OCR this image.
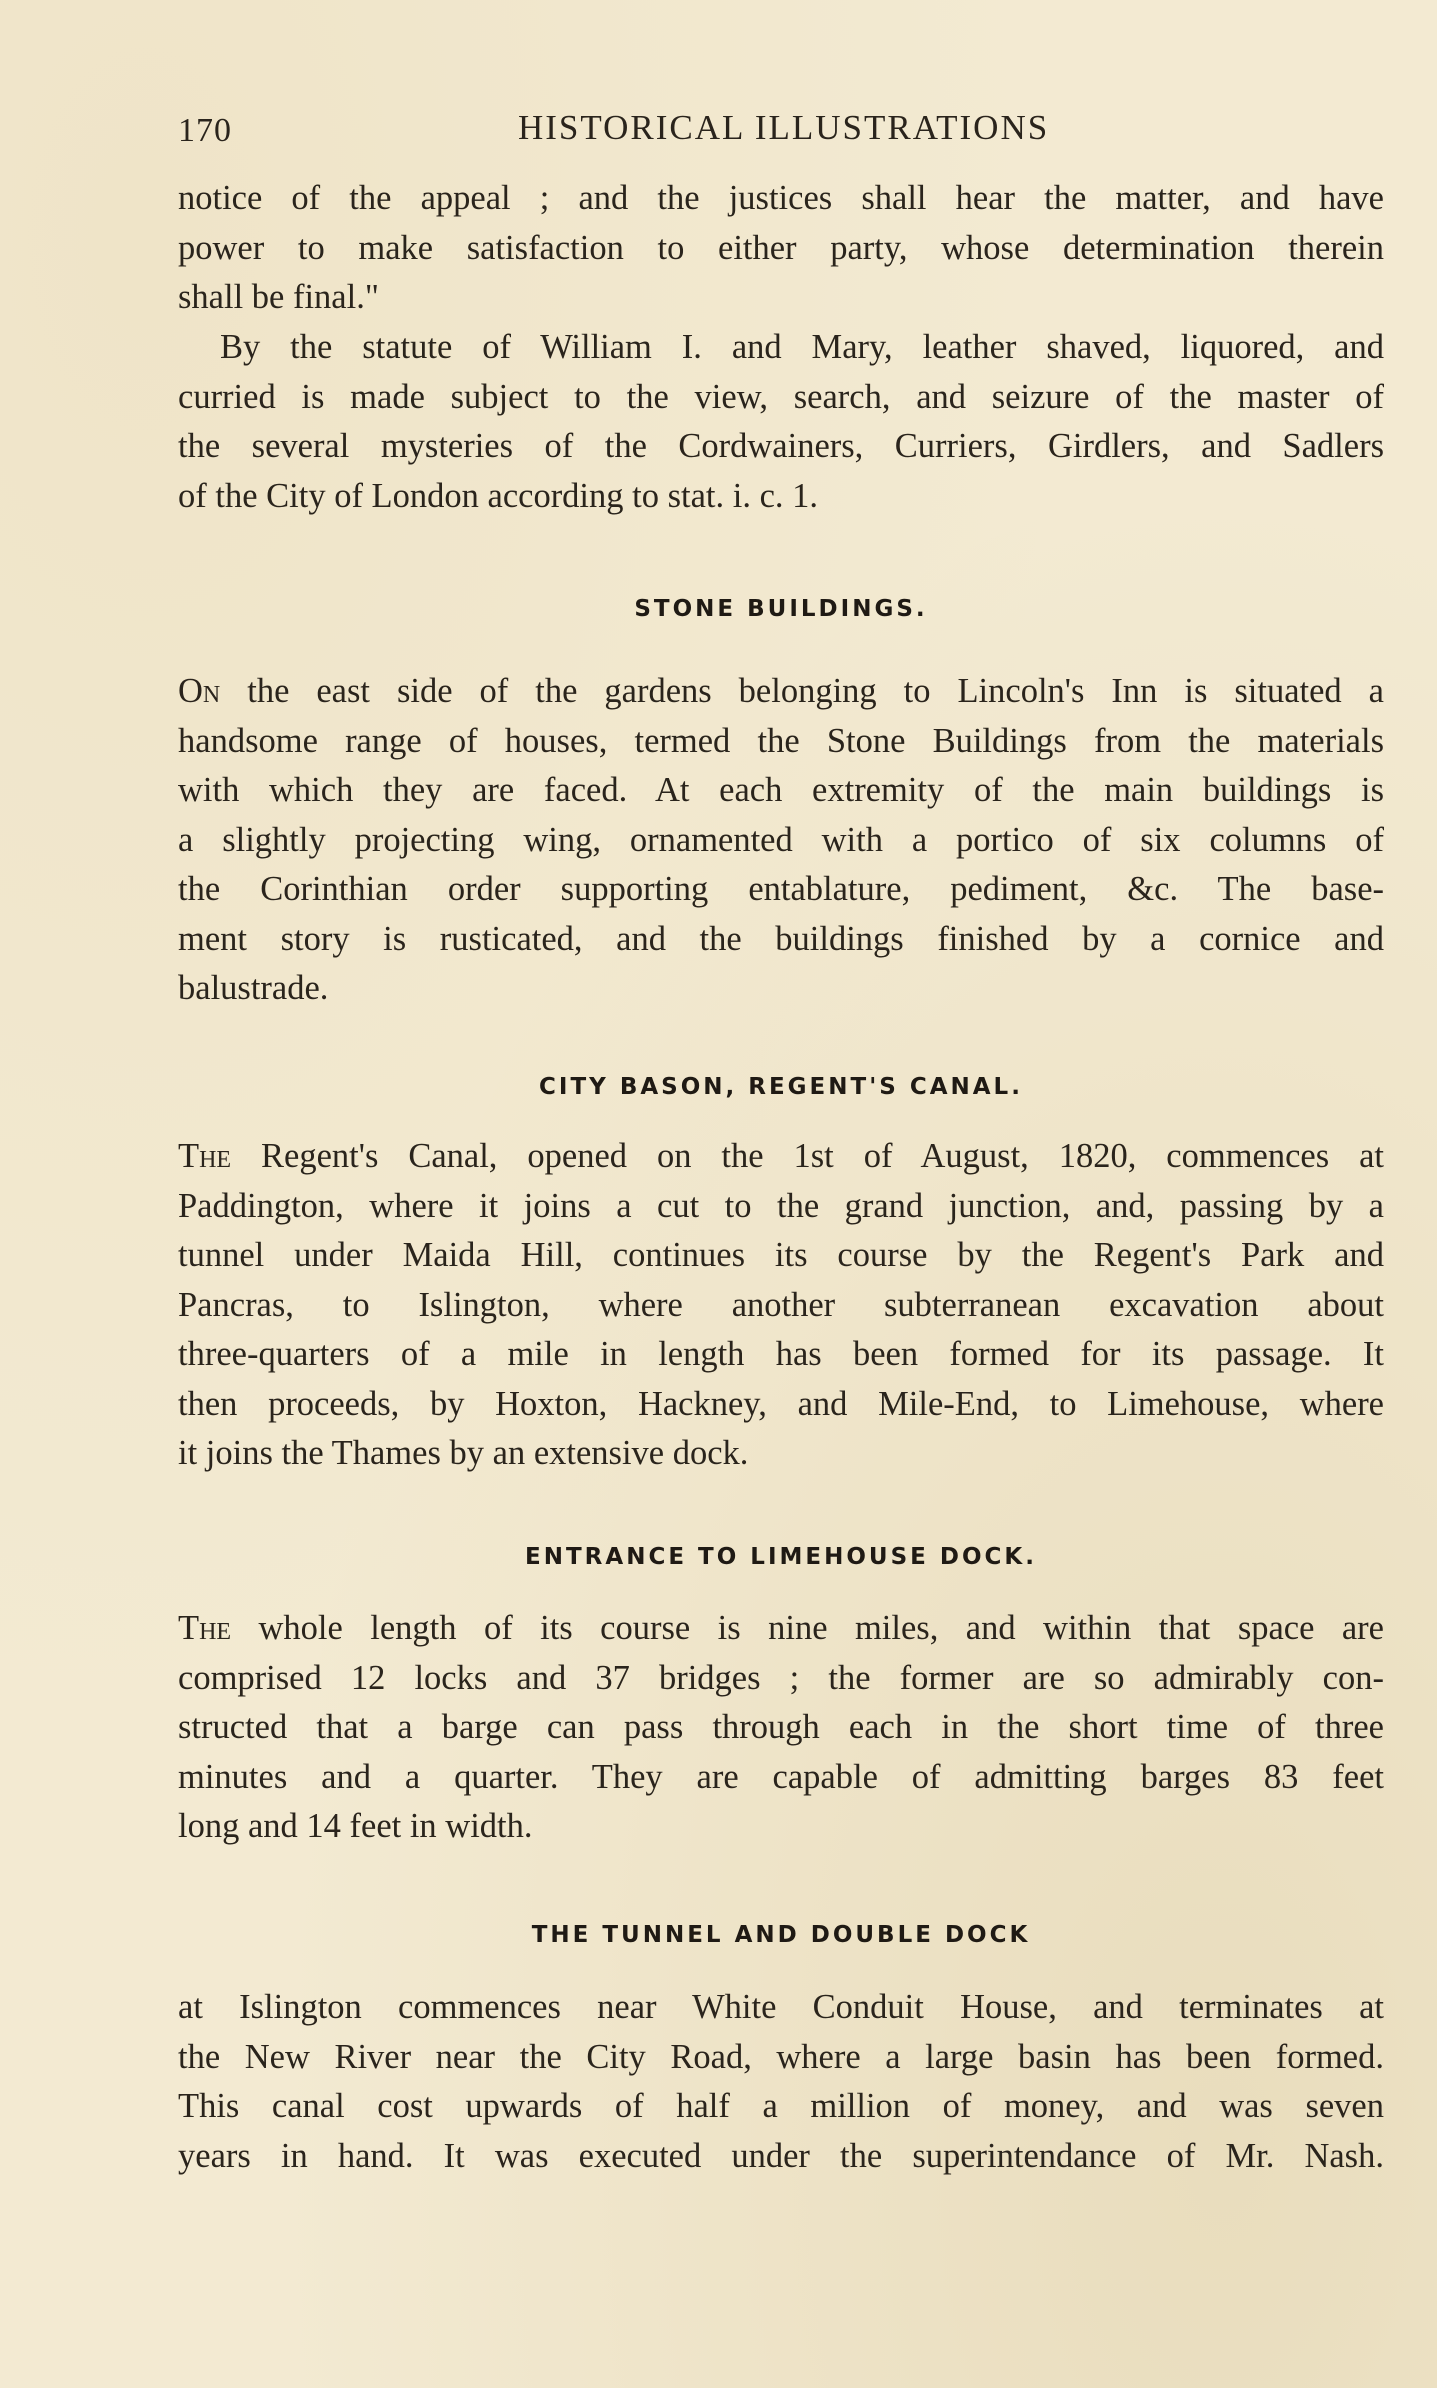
170	HISTORICAL ILLUSTRATIONS

notice of the appeal ; and the justices shall hear the matter, and have
power to make satisfaction to either party, whose determination therein
shall be final."

By the statute of William I. and Mary, leather shaved, liquored, and
curried is made subject to the view, search, and seizure of the master of
the several mysteries of the Cordwainers, Curriers, Girdlers, and Sadlers
of the City of London according to stat. i. c. 1.

STONE BUILDINGS.

On the east side of the gardens belonging to Lincoln's Inn is situated a
handsome range of houses, termed the Stone Buildings from the materials
with which they are faced. At each extremity of the main buildings is
a slightly projecting wing, ornamented with a portico of six columns of
the Corinthian order supporting entablature, pediment, &c. The base-
ment story is rusticated, and the buildings finished by a cornice and
balustrade.

CITY BASON, REGENT'S CANAL.

The Regent's Canal, opened on the 1st of August, 1820, commences at
Paddington, where it joins a cut to the grand junction, and, passing by a
tunnel under Maida Hill, continues its course by the Regent's Park and
Pancras, to Islington, where another subterranean excavation about
three-quarters of a mile in length has been formed for its passage. It
then proceeds, by Hoxton, Hackney, and Mile-End, to Limehouse, where
it joins the Thames by an extensive dock.

ENTRANCE TO LIMEHOUSE DOCK.

The whole length of its course is nine miles, and within that space are
comprised 12 locks and 37 bridges ; the former are so admirably con-
structed that a barge can pass through each in the short time of three
minutes and a quarter. They are capable of admitting barges 83 feet
long and 14 feet in width.

THE TUNNEL AND DOUBLE DOCK

at Islington commences near White Conduit House, and terminates at
the New River near the City Road, where a large basin has been formed.
This canal cost upwards of half a million of money, and was seven
years in hand. It was executed under the superintendance of Mr. Nash.
